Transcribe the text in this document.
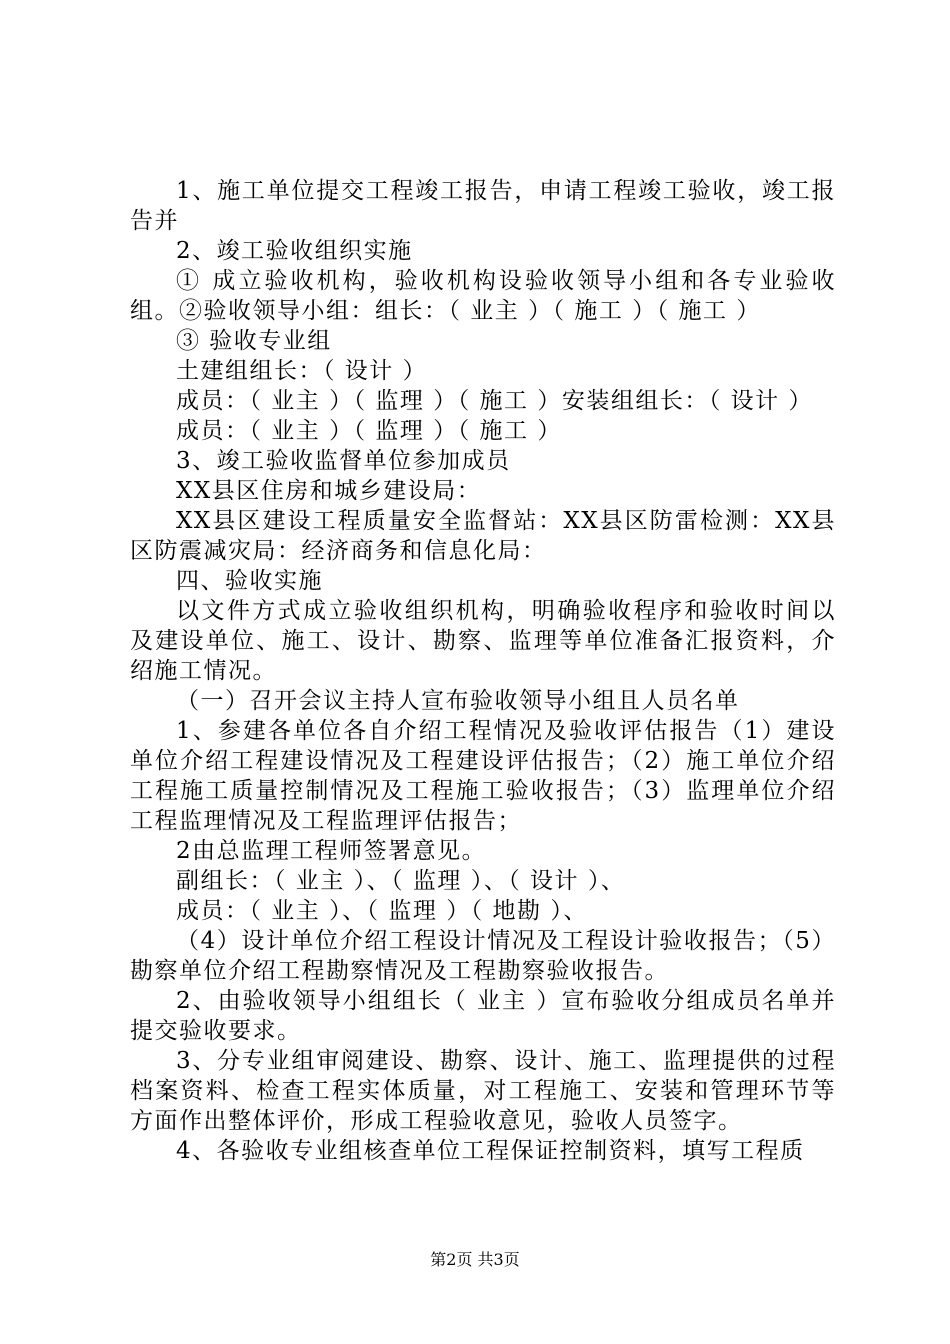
1、施工单位提交工程竣工报告，申请工程竣工验收，竣工报告并

2、竣工验收组织实施

① 成立验收机构，验收机构设验收领导小组和各专业验收组。②验收领导小组：组长：（ 业主 ）（ 施工 ）（ 施工 ）

③ 验收专业组

土建组组长：（ 设计 ）

成员：（ 业主 ）（ 监理 ）（ 施工 ）安装组组长：（ 设计 ）

成员：（ 业主 ）（ 监理 ）（ 施工 ）

3、竣工验收监督单位参加成员

XX县区住房和城乡建设局：

XX县区建设工程质量安全监督站：XX县区防雷检测：XX县区防震减灾局：经济商务和信息化局：

四、验收实施

以文件方式成立验收组织机构，明确验收程序和验收时间以及建设单位、施工、设计、勘察、监理等单位准备汇报资料，介绍施工情况。

（一）召开会议主持人宣布验收领导小组且人员名单

1、参建各单位各自介绍工程情况及验收评估报告（1）建设单位介绍工程建设情况及工程建设评估报告；（2）施工单位介绍工程施工质量控制情况及工程施工验收报告；（3）监理单位介绍工程监理情况及工程监理评估报告；

2由总监理工程师签署意见。

副组长：（ 业主 ）、（ 监理 ）、（ 设计 ）、

成员：（ 业主 ）、（ 监理 ）（ 地勘 ）、

（4）设计单位介绍工程设计情况及工程设计验收报告；（5）勘察单位介绍工程勘察情况及工程勘察验收报告。

2、由验收领导小组组长（ 业主 ）宣布验收分组成员名单并提交验收要求。

3、分专业组审阅建设、勘察、设计、施工、监理提供的过程档案资料、检查工程实体质量，对工程施工、安装和管理环节等方面作出整体评价，形成工程验收意见，验收人员签字。

4、各验收专业组核查单位工程保证控制资料，填写工程质

第2页 共3页
